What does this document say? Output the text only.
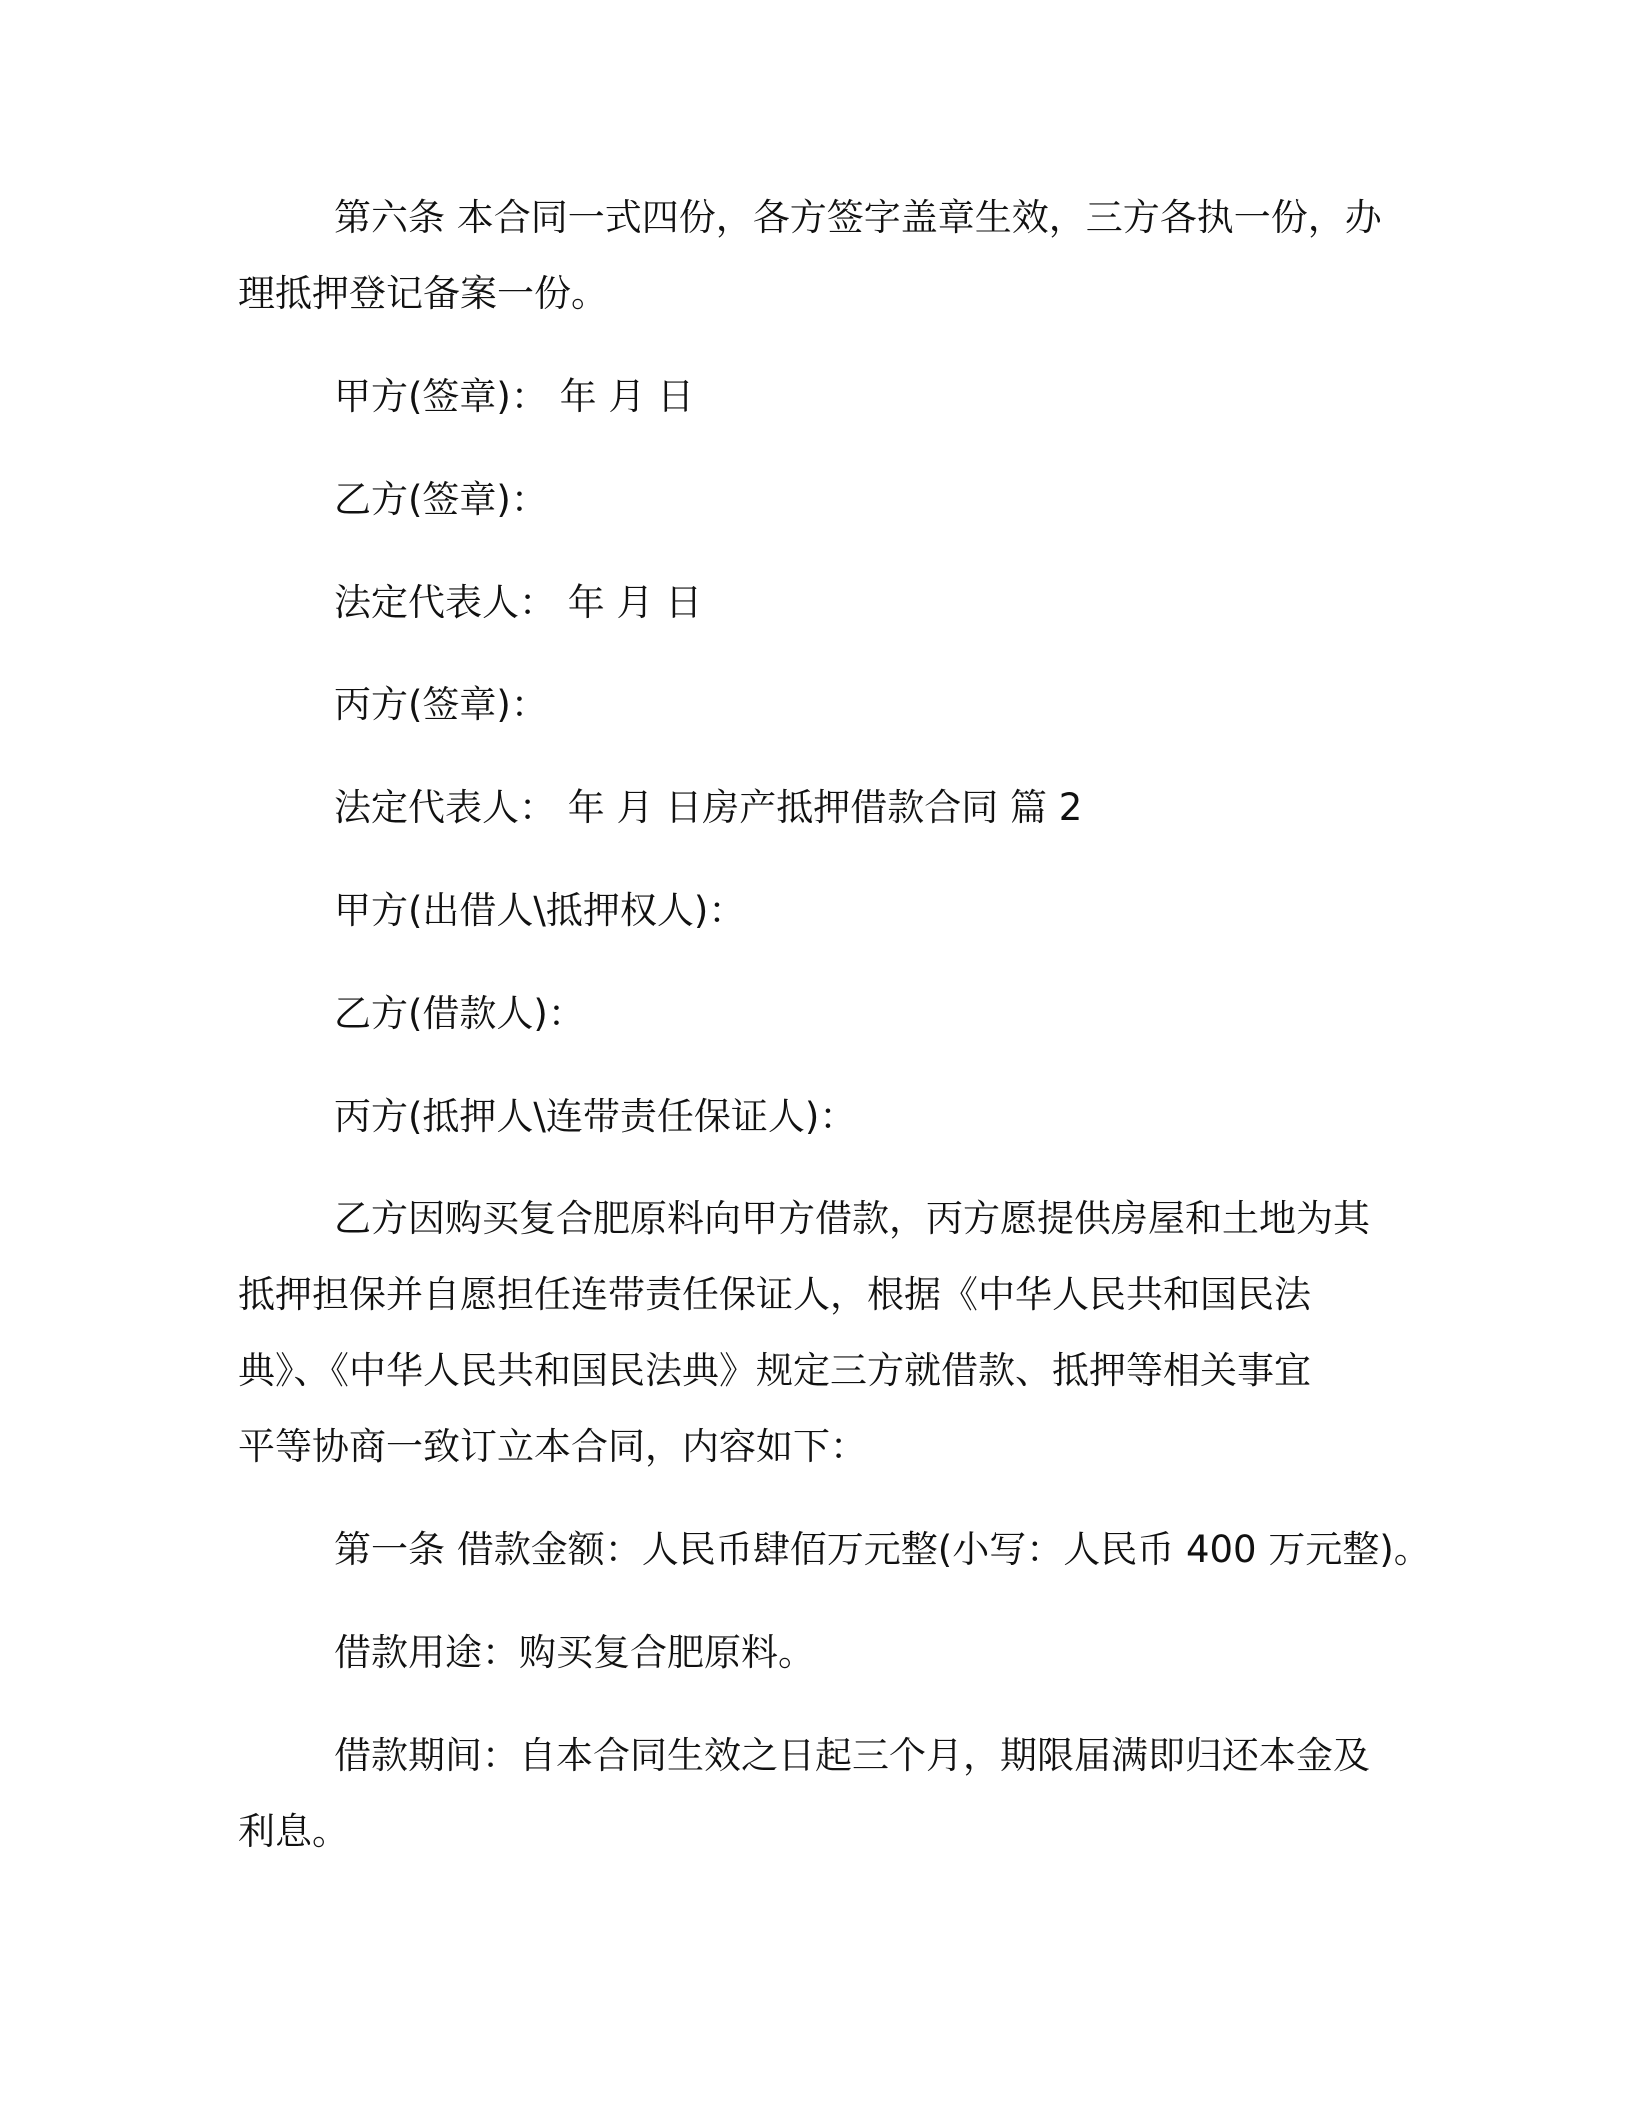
第六条 本合同一式四份，各方签字盖章生效，三方各执一份，办
理抵押登记备案一份。
甲方(签章)： 年 月 日
乙方(签章)：
法定代表人： 年 月 日
丙方(签章)：
法定代表人： 年 月 日房产抵押借款合同 篇 2
甲方(出借人\抵押权人)：
乙方(借款人)：
丙方(抵押人\连带责任保证人)：
乙方因购买复合肥原料向甲方借款，丙方愿提供房屋和土地为其
抵押担保并自愿担任连带责任保证人，根据《中华人民共和国民法
典》、《中华人民共和国民法典》规定三方就借款、抵押等相关事宜
平等协商一致订立本合同，内容如下：
第一条 借款金额：人民币肆佰万元整(小写：人民币 400 万元整)。
借款用途：购买复合肥原料。
借款期间：自本合同生效之日起三个月，期限届满即归还本金及
利息。
